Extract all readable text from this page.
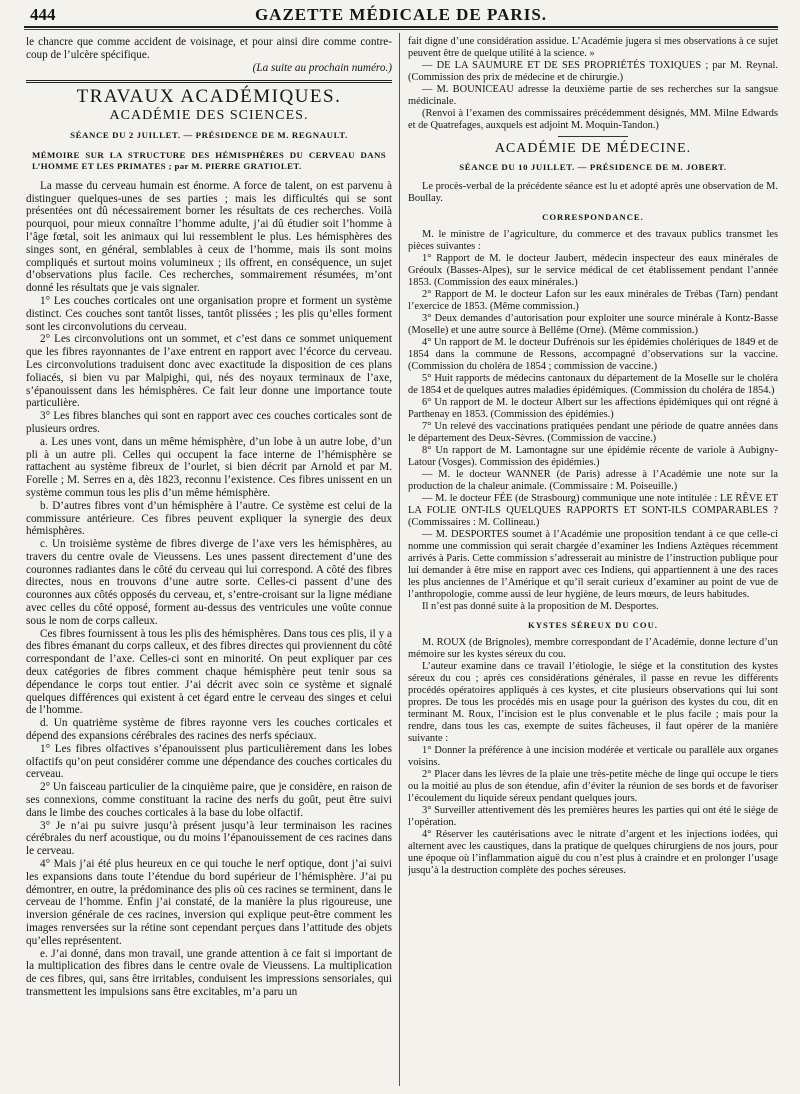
444	GAZETTE MÉDICALE DE PARIS.

le chancre que comme accident de voisinage, et pour ainsi dire comme contre-coup de l’ulcère spécifique.

(La suite au prochain numéro.)

TRAVAUX ACADÉMIQUES.
ACADÉMIE DES SCIENCES.
SÉANCE DU 2 JUILLET. — PRÉSIDENCE DE M. REGNAULT.
MÉMOIRE SUR LA STRUCTURE DES HÉMISPHÈRES DU CERVEAU DANS L’HOMME ET LES PRIMATES ; par M. PIERRE GRATIOLET.

La masse du cerveau humain est énorme. A force de talent, on est parvenu à distinguer quelques-unes de ses parties ; mais les difficultés qui se sont présentées ont dû nécessairement borner les résultats de ces recherches. Voilà pourquoi, pour mieux connaître l’homme adulte, j’ai dû étudier soit l’homme à l’âge fœtal, soit les animaux qui lui ressemblent le plus. Les hémisphères des singes sont, en général, semblables à ceux de l’homme, mais ils sont moins compliqués et surtout moins volumineux ; ils offrent, en conséquence, un sujet d’observations plus facile. Ces recherches, sommairement résumées, m’ont donné les résultats que je vais signaler.

1° Les couches corticales ont une organisation propre et forment un système distinct. Ces couches sont tantôt lisses, tantôt plissées ; les plis qu’elles forment sont les circonvolutions du cerveau.

2° Les circonvolutions ont un sommet, et c’est dans ce sommet uniquement que les fibres rayonnantes de l’axe entrent en rapport avec l’écorce du cerveau. Les circonvolutions traduisent donc avec exactitude la disposition de ces plans foliacés, si bien vu par Malpighi, qui, nés des noyaux terminaux de l’axe, s’épanouissent dans les hémisphères. Ce fait leur donne une importance toute particulière.

3° Les fibres blanches qui sont en rapport avec ces couches corticales sont de plusieurs ordres.

a. Les unes vont, dans un même hémisphère, d’un lobe à un autre lobe, d’un pli à un autre pli. Celles qui occupent la face interne de l’hémisphère se rattachent au système fibreux de l’ourlet, si bien décrit par Arnold et par M. Forelle ; M. Serres en a, dès 1823, reconnu l’existence. Ces fibres unissent en un système commun tous les plis d’un même hémisphère.

b. D’autres fibres vont d’un hémisphère à l’autre. Ce système est celui de la commissure antérieure. Ces fibres peuvent expliquer la synergie des deux hémisphères.

c. Un troisième système de fibres diverge de l’axe vers les hémisphères, au travers du centre ovale de Vieussens. Les unes passent directement d’une des couronnes radiantes dans le côté du cerveau qui lui correspond. A côté des fibres directes, nous en trouvons d’une autre sorte. Celles-ci passent d’une des couronnes aux côtés opposés du cerveau, et, s’entre-croisant sur la ligne médiane avec celles du côté opposé, forment au-dessus des ventricules une voûte connue sous le nom de corps calleux.

Ces fibres fournissent à tous les plis des hémisphères. Dans tous ces plis, il y a des fibres émanant du corps calleux, et des fibres directes qui proviennent du côté correspondant de l’axe. Celles-ci sont en minorité. On peut expliquer par ces deux catégories de fibres comment chaque hémisphère peut tenir sous sa dépendance le corps tout entier. J’ai décrit avec soin ce système et signalé quelques différences qui existent à cet égard entre le cerveau des singes et celui de l’homme.

d. Un quatrième système de fibres rayonne vers les couches corticales et dépend des expansions cérébrales des racines des nerfs spéciaux.

1° Les fibres olfactives s’épanouissent plus particulièrement dans les lobes olfactifs qu’on peut considérer comme une dépendance des couches corticales du cerveau.

2° Un faisceau particulier de la cinquième paire, que je considère, en raison de ses connexions, comme constituant la racine des nerfs du goût, peut être suivi dans le limbe des couches corticales à la base du lobe olfactif.

3° Je n’ai pu suivre jusqu’à présent jusqu’à leur terminaison les racines cérébrales du nerf acoustique, ou du moins l’épanouissement de ces racines dans le cerveau.

4° Mais j’ai été plus heureux en ce qui touche le nerf optique, dont j’ai suivi les expansions dans toute l’étendue du bord supérieur de l’hémisphère. J’ai pu démontrer, en outre, la prédominance des plis où ces racines se terminent, dans le cerveau de l’homme. Enfin j’ai constaté, de la manière la plus rigoureuse, une inversion générale de ces racines, inversion qui explique peut-être comment les images renversées sur la rétine sont cependant perçues dans l’attitude des objets qu’elles représentent.

e. J’ai donné, dans mon travail, une grande attention à ce fait si important de la multiplication des fibres dans le centre ovale de Vieussens. La multiplication de ces fibres, qui, sans être irritables, conduisent les impressions sensoriales, qui transmettent les impulsions sans être excitables, m’a paru un

fait digne d’une considération assidue. L’Académie jugera si mes observations à ce sujet peuvent être de quelque utilité à la science. »

— DE LA SAUMURE ET DE SES PROPRIÉTÉS TOXIQUES ; par M. Reynal. (Commission des prix de médecine et de chirurgie.)

— M. BOUNICEAU adresse la deuxième partie de ses recherches sur la sangsue médicinale.

(Renvoi à l’examen des commissaires précédemment désignés, MM. Milne Edwards et de Quatrefages, auxquels est adjoint M. Moquin-Tandon.)

ACADÉMIE DE MÉDECINE.
SÉANCE DU 10 JUILLET. — PRÉSIDENCE DE M. JOBERT.

Le procès-verbal de la précédente séance est lu et adopté après une observation de M. Boullay.

CORRESPONDANCE.

M. le ministre de l’agriculture, du commerce et des travaux publics transmet les pièces suivantes :

1° Rapport de M. le docteur Jaubert, médecin inspecteur des eaux minérales de Gréoulx (Basses-Alpes), sur le service médical de cet établissement pendant l’année 1853. (Commission des eaux minérales.)

2° Rapport de M. le docteur Lafon sur les eaux minérales de Trébas (Tarn) pendant l’exercice de 1853. (Même commission.)

3° Deux demandes d’autorisation pour exploiter une source minérale à Kontz-Basse (Moselle) et une autre source à Bellême (Orne). (Même commission.)

4° Un rapport de M. le docteur Dufrénois sur les épidémies cholériques de 1849 et de 1854 dans la commune de Ressons, accompagné d’observations sur la vaccine. (Commission du choléra de 1854 ; commission de vaccine.)

5° Huit rapports de médecins cantonaux du département de la Moselle sur le choléra de 1854 et de quelques autres maladies épidémiques. (Commission du choléra de 1854.)

6° Un rapport de M. le docteur Albert sur les affections épidémiques qui ont régné à Parthenay en 1853. (Commission des épidémies.)

7° Un relevé des vaccinations pratiquées pendant une période de quatre années dans le département des Deux-Sèvres. (Commission de vaccine.)

8° Un rapport de M. Lamontagne sur une épidémie récente de variole à Aubigny-Latour (Vosges). Commission des épidémies.)

— M. le docteur WANNER (de Paris) adresse à l’Académie une note sur la production de la chaleur animale. (Commissaire : M. Poiseuille.)

— M. le docteur FÉE (de Strasbourg) communique une note intitulée : LE RÊVE ET LA FOLIE ONT-ILS QUELQUES RAPPORTS ET SONT-ILS COMPARABLES ? (Commissaires : M. Collineau.)

— M. DESPORTES soumet à l’Académie une proposition tendant à ce que celle-ci nomme une commission qui serait chargée d’examiner les Indiens Aztèques récemment arrivés à Paris. Cette commission s’adresserait au ministre de l’instruction publique pour lui demander à être mise en rapport avec ces Indiens, qui appartiennent à une des races les plus anciennes de l’Amérique et qu’il serait curieux d’examiner au point de vue de l’anthropologie, comme aussi de leur hygiène, de leurs mœurs, de leurs habitudes.

Il n’est pas donné suite à la proposition de M. Desportes.

KYSTES SÉREUX DU COU.

M. ROUX (de Brignoles), membre correspondant de l’Académie, donne lecture d’un mémoire sur les kystes séreux du cou.

L’auteur examine dans ce travail l’étiologie, le siége et la constitution des kystes séreux du cou ; après ces considérations générales, il passe en revue les différents procédés opératoires appliqués à ces kystes, et cite plusieurs observations qui lui sont propres. De tous les procédés mis en usage pour la guérison des kystes du cou, dit en terminant M. Roux, l’incision est le plus convenable et le plus facile ; mais pour la rendre, dans tous les cas, exempte de suites fâcheuses, il faut opérer de la manière suivante :

1° Donner la préférence à une incision modérée et verticale ou parallèle aux organes voisins.

2° Placer dans les lèvres de la plaie une très-petite mèche de linge qui occupe le tiers ou la moitié au plus de son étendue, afin d’éviter la réunion de ses bords et de favoriser l’écoulement du liquide séreux pendant quelques jours.

3° Surveiller attentivement dès les premières heures les parties qui ont été le siége de l’opération.

4° Réserver les cautérisations avec le nitrate d’argent et les injections iodées, qui alternent avec les caustiques, dans la pratique de quelques chirurgiens de nos jours, pour une époque où l’inflammation aiguë du cou n’est plus à craindre et en prolonger l’usage jusqu’à la destruction complète des poches séreuses.
